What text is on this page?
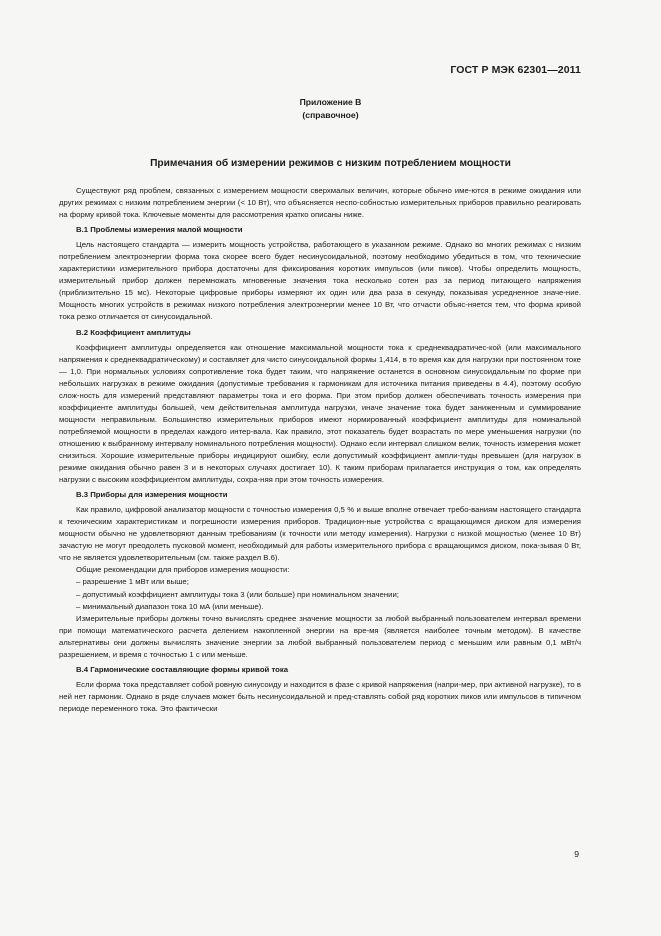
ГОСТ Р МЭК 62301—2011
Приложение В
(справочное)
Примечания об измерении режимов с низким потреблением мощности

Существуют ряд проблем, связанных с измерением мощности сверхмалых величин, которые обычно име-ются в режиме ожидания или других режимах с низким потреблением энергии (< 10 Вт), что объясняется неспо-собностью измерительных приборов правильно реагировать на форму кривой тока. Ключевые моменты для рассмотрения кратко описаны ниже.

В.1 Проблемы измерения малой мощности

Цель настоящего стандарта — измерить мощность устройства, работающего в указанном режиме. Однако во многих режимах с низким потреблением электроэнергии форма тока скорее всего будет несинусоидальной, поэтому необходимо убедиться в том, что технические характеристики измерительного прибора достаточны для фиксирования коротких импульсов (или пиков). Чтобы определить мощность, измерительный прибор должен перемножать мгновенные значения тока несколько сотен раз за период питающего напряжения (приблизительно 15 мс). Некоторые цифровые приборы измеряют их один или два раза в секунду, показывая усредненное значе-ние. Мощность многих устройств в режимах низкого потребления электроэнергии менее 10 Вт, что отчасти объяс-няется тем, что форма кривой тока резко отличается от синусоидальной.

В.2 Коэффициент амплитуды

Коэффициент амплитуды определяется как отношение максимальной мощности тока к среднеквадратичес-кой (или максимального напряжения к среднеквадратическому) и составляет для чисто синусоидальной формы 1,414, в то время как для нагрузки при постоянном токе — 1,0. При нормальных условиях сопротивление тока будет таким, что напряжение останется в основном синусоидальным по форме при небольших нагрузках в режиме ожидания (допустимые требования к гармоникам для источника питания приведены в 4.4), поэтому особую слож-ность для измерений представляют параметры тока и его форма. При этом прибор должен обеспечивать точность измерения при коэффициенте амплитуды большей, чем действительная амплитуда нагрузки, иначе значение тока будет заниженным и суммирование мощности неправильным. Большинство измерительных приборов имеют нормированный коэффициент амплитуды для номинальной потребляемой мощности в пределах каждого интер-вала. Как правило, этот показатель будет возрастать по мере уменьшения нагрузки (по отношению к выбранному интервалу номинального потребления мощности). Однако если интервал слишком велик, точность измерения может снизиться. Хорошие измерительные приборы индицируют ошибку, если допустимый коэффициент ампли-туды превышен (для нагрузок в режиме ожидания обычно равен 3 и в некоторых случаях достигает 10). К таким приборам прилагается инструкция о том, как определять нагрузки с высоким коэффициентом амплитуды, сохра-няя при этом точность измерения.

В.3 Приборы для измерения мощности

Как правило, цифровой анализатор мощности с точностью измерения 0,5 % и выше вполне отвечает требо-ваниям настоящего стандарта к техническим характеристикам и погрешности измерения приборов. Традицион-ные устройства с вращающимся диском для измерения мощности обычно не удовлетворяют данным требованиям (к точности или методу измерения). Нагрузки с низкой мощностью (менее 10 Вт) зачастую не могут преодолеть пусковой момент, необходимый для работы измерительного прибора с вращающимся диском, пока-зывая 0 Вт, что не является удовлетворительным (см. также раздел В.6).

Общие рекомендации для приборов измерения мощности:

– разрешение 1 мВт или выше;
– допустимый коэффициент амплитуды тока 3 (или больше) при номинальном значении;
– минимальный диапазон тока 10 мА (или меньше).

Измерительные приборы должны точно вычислять среднее значение мощности за любой выбранный пользователем интервал времени при помощи математического расчета делением накопленной энергии на вре-мя (является наиболее точным методом). В качестве альтернативы они должны вычислять значение энергии за любой выбранный пользователем период с меньшим или равным 0,1 мВт/ч разрешением, и время с точностью 1 с или меньше.

В.4 Гармонические составляющие формы кривой тока

Если форма тока представляет собой ровную синусоиду и находится в фазе с кривой напряжения (напри-мер, при активной нагрузке), то в ней нет гармоник. Однако в ряде случаев может быть несинусоидальной и пред-ставлять собой ряд коротких пиков или импульсов в типичном периоде переменного тока. Это фактически

9
